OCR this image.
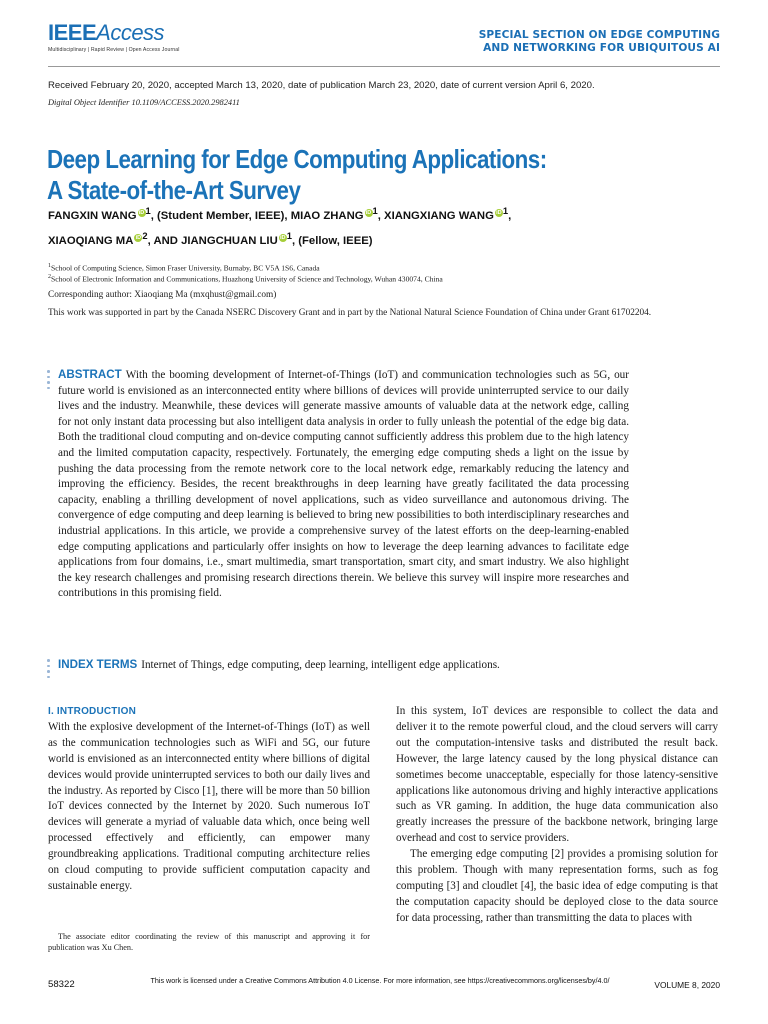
IEEEAccess
Multidisciplinary | Rapid Review | Open Access Journal
SPECIAL SECTION ON EDGE COMPUTING
AND NETWORKING FOR UBIQUITOUS AI
Received February 20, 2020, accepted March 13, 2020, date of publication March 23, 2020, date of current version April 6, 2020.
Digital Object Identifier 10.1109/ACCESS.2020.2982411
Deep Learning for Edge Computing Applications:
A State-of-the-Art Survey
FANGXIN WANG $iD^1$, (Student Member, IEEE), MIAO ZHANG $iD^1$, XIANGXIANG WANG $iD^1$,
XIAOQIANG MA $iD^2$, AND JIANGCHUAN LIU $iD^1$, (Fellow, IEEE)
$^1$School of Computing Science, Simon Fraser University, Burnaby, BC V5A 1S6, Canada
$^2$School of Electronic Information and Communications, Huazhong University of Science and Technology, Wuhan 430074, China
Corresponding author: Xiaoqiang Ma (mxqhust@gmail.com)
This work was supported in part by the Canada NSERC Discovery Grant and in part by the National Natural Science Foundation of China under Grant 61702204.
ABSTRACT With the booming development of Internet-of-Things (IoT) and communication technologies such as 5G, our future world is envisioned as an interconnected entity where billions of devices will provide uninterrupted service to our daily lives and the industry. Meanwhile, these devices will generate massive amounts of valuable data at the network edge, calling for not only instant data processing but also intelligent data analysis in order to fully unleash the potential of the edge big data. Both the traditional cloud computing and on-device computing cannot sufficiently address this problem due to the high latency and the limited computation capacity, respectively. Fortunately, the emerging edge computing sheds a light on the issue by pushing the data processing from the remote network core to the local network edge, remarkably reducing the latency and improving the efficiency. Besides, the recent breakthroughs in deep learning have greatly facilitated the data processing capacity, enabling a thrilling development of novel applications, such as video surveillance and autonomous driving. The convergence of edge computing and deep learning is believed to bring new possibilities to both interdisciplinary researches and industrial applications. In this article, we provide a comprehensive survey of the latest efforts on the deep-learning-enabled edge computing applications and particularly offer insights on how to leverage the deep learning advances to facilitate edge applications from four domains, i.e., smart multimedia, smart transportation, smart city, and smart industry. We also highlight the key research challenges and promising research directions therein. We believe this survey will inspire more researches and contributions in this promising field.
INDEX TERMS Internet of Things, edge computing, deep learning, intelligent edge applications.
I. INTRODUCTION

With the explosive development of the Internet-of-Things (IoT) as well as the communication technologies such as WiFi and 5G, our future world is envisioned as an interconnected entity where billions of digital devices would provide uninterrupted services to both our daily lives and the industry. As reported by Cisco [1], there will be more than 50 billion IoT devices connected by the Internet by 2020. Such numerous IoT devices will generate a myriad of valuable data which, once being well processed effectively and efficiently, can empower many groundbreaking applications. Traditional computing architecture relies on cloud computing to provide sufficient computation capacity and sustainable energy.

In this system, IoT devices are responsible to collect the data and deliver it to the remote powerful cloud, and the cloud servers will carry out the computation-intensive tasks and distributed the result back. However, the large latency caused by the long physical distance can sometimes become unacceptable, especially for those latency-sensitive applications like autonomous driving and highly interactive applications such as VR gaming. In addition, the huge data communication also greatly increases the pressure of the backbone network, bringing large overhead and cost to service providers.

The emerging edge computing [2] provides a promising solution for this problem. Though with many representation forms, such as fog computing [3] and cloudlet [4], the basic idea of edge computing is that the computation capacity should be deployed close to the data source for data processing, rather than transmitting the data to places with

The associate editor coordinating the review of this manuscript and approving it for publication was Xu Chen.
58322	This work is licensed under a Creative Commons Attribution 4.0 License. For more information, see https://creativecommons.org/licenses/by/4.0/	VOLUME 8, 2020
